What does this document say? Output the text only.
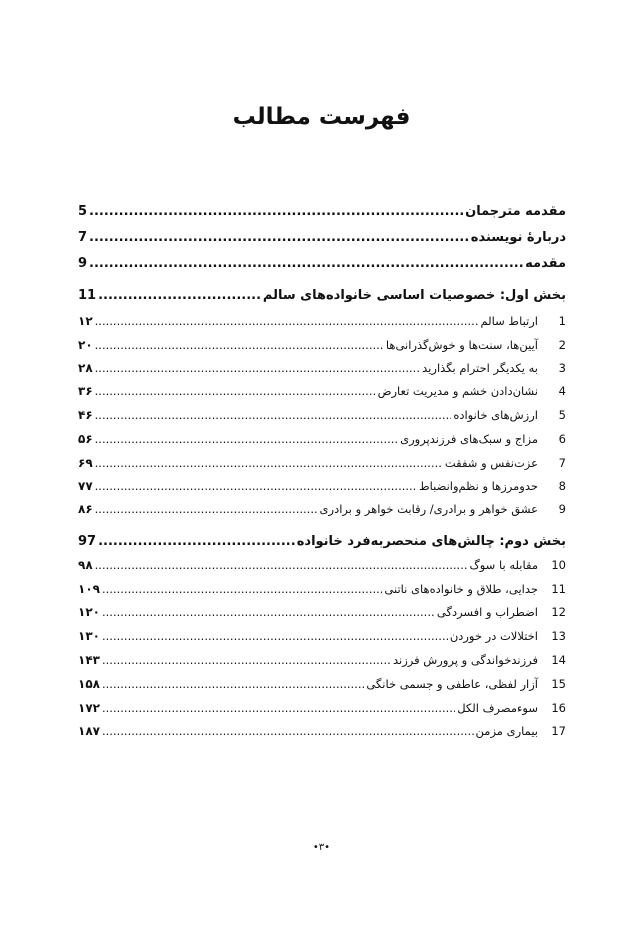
فهرست مطالب
مقدمه مترجمان
.....
5
دربارهٔ نویسنده
.....
7
مقدمه
.....
9
بخش اول: خصوصیات اساسی خانواده‌های سالم
.....
11
1
ارتباط سالم
.....
۱۲
2
آیین‌ها، سنت‌ها و خوش‌گذرانی‌ها
.....
۲۰
3
به یکدیگر احترام بگذارید
.....
۲۸
4
نشان‌دادن خشم و مدیریت تعارض
.....
۳۶
5
ارزش‌های خانواده
.....
۴۶
6
مزاج و سبک‌های فرزندپروری
.....
۵۶
7
عزت‌نفس و شفقت
.....
۶۹
8
حدومرزها و نظم‌وانضباط
.....
۷۷
9
عشق خواهر و برادری/ رقابت خواهر و برادری
.....
۸۶
بخش دوم: چالش‌های منحصربه‌فرد خانواده
.....
97
10
مقابله با سوگ
.....
۹۸
11
جدایی، طلاق و خانواده‌های ناتنی
.....
۱۰۹
12
اضطراب و افسردگی
.....
۱۲۰
13
اختلالات در خوردن
.....
۱۳۰
14
فرزندخواندگی و پرورش فرزند
.....
۱۴۳
15
آزار لفظی، عاطفی و جسمی خانگی
.....
۱۵۸
16
سوءمصرف الکل
.....
۱۷۲
17
بیماری مزمن
.....
۱۸۷
•۳•
